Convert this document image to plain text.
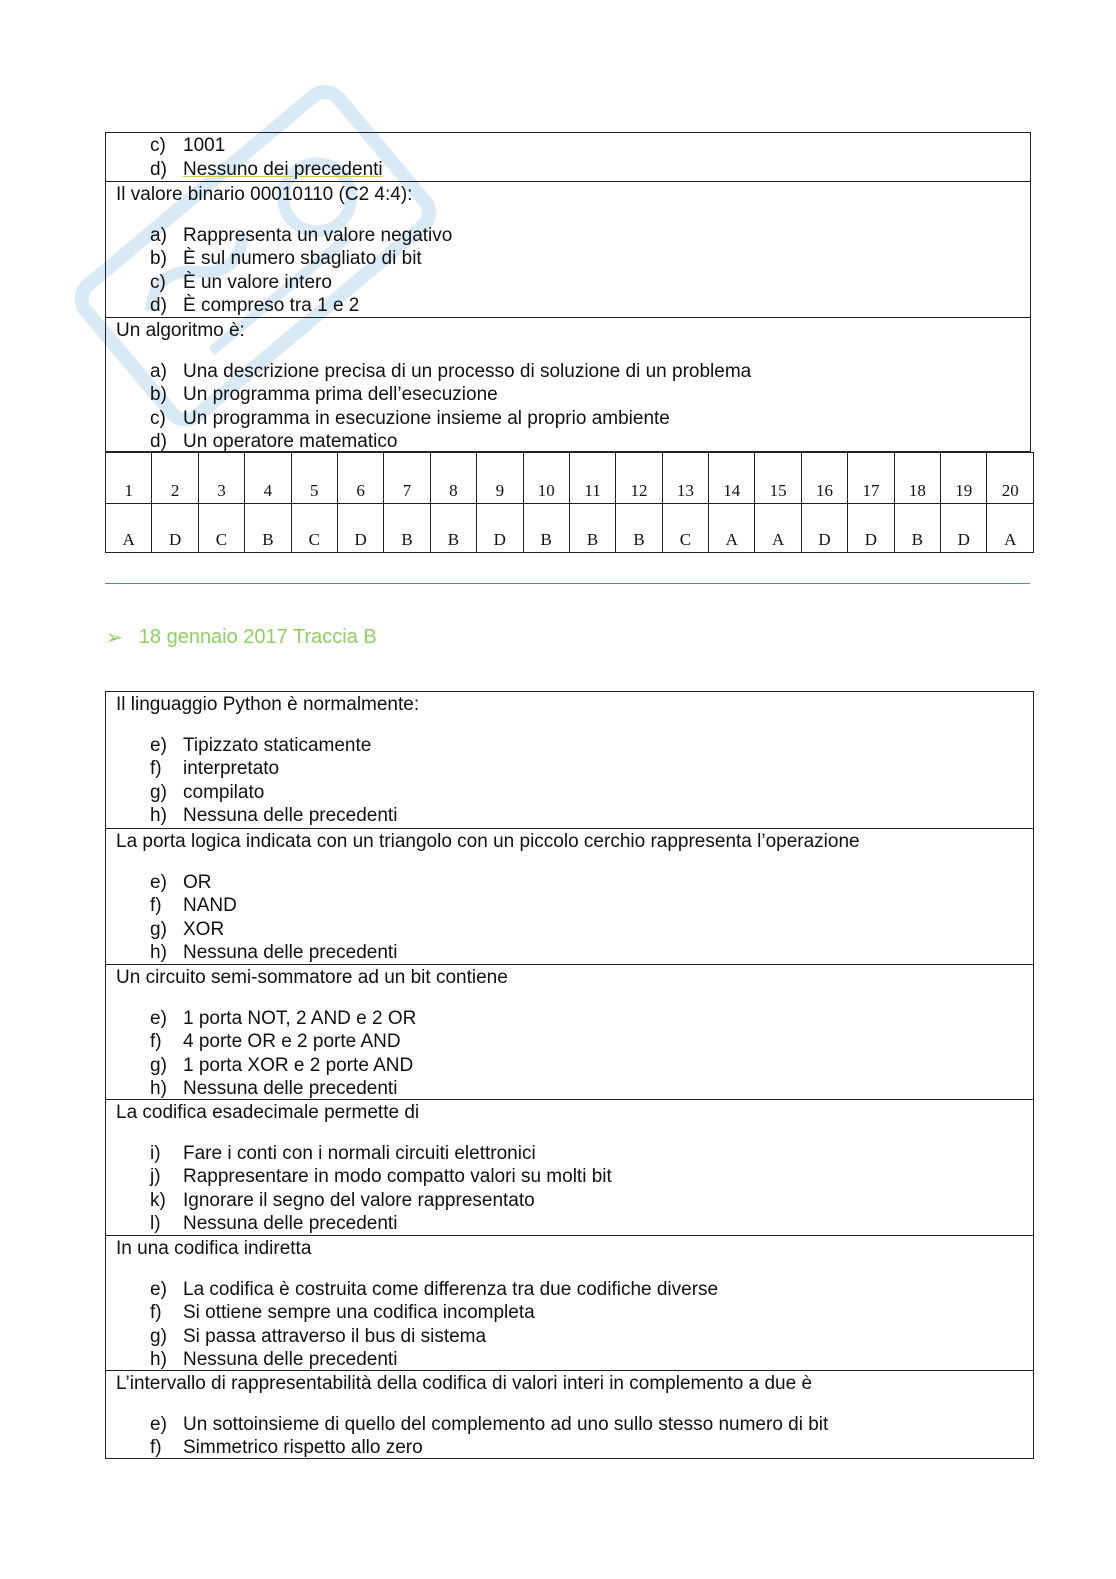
c) 1001
d) Nessuno dei precedenti

Il valore binario 00010110 (C2 4:4):

a) Rappresenta un valore negativo
b) È sul numero sbagliato di bit
c) È un valore intero
d) È compreso tra 1 e 2

Un algoritmo è:

a) Una descrizione precisa di un processo di soluzione di un problema
b) Un programma prima dell’esecuzione
c) Un programma in esecuzione insieme al proprio ambiente
d) Un operatore matematico
1	2	3	4	5	6	7	8	9	10	11	12	13	14	15	16	17	18	19	20
A	D	C	B	C	D	B	B	D	B	B	B	C	A	A	D	D	B	D	A
➢ 18 gennaio 2017 Traccia B

Il linguaggio Python è normalmente:

e) Tipizzato staticamente
f)	interpretato
g) compilato
h) Nessuna delle precedenti

La porta logica indicata con un triangolo con un piccolo cerchio rappresenta l’operazione

e) OR
f)	NAND
g) XOR
h) Nessuna delle precedenti

Un circuito semi-sommatore ad un bit contiene

e) 1 porta NOT, 2 AND e 2 OR
f)	4 porte OR e 2 porte AND
g) 1 porta XOR e 2 porte AND
h) Nessuna delle precedenti

La codifica esadecimale permette di

i)	Fare i conti con i normali circuiti elettronici
j)	Rappresentare in modo compatto valori su molti bit
k) Ignorare il segno del valore rappresentato
l)	Nessuna delle precedenti

In una codifica indiretta

e) La codifica è costruita come differenza tra due codifiche diverse
f)	Si ottiene sempre una codifica incompleta
g) Si passa attraverso il bus di sistema
h) Nessuna delle precedenti

L’intervallo di rappresentabilità della codifica di valori interi in complemento a due è

e) Un sottoinsieme di quello del complemento ad uno sullo stesso numero di bit
f)	Simmetrico rispetto allo zero
